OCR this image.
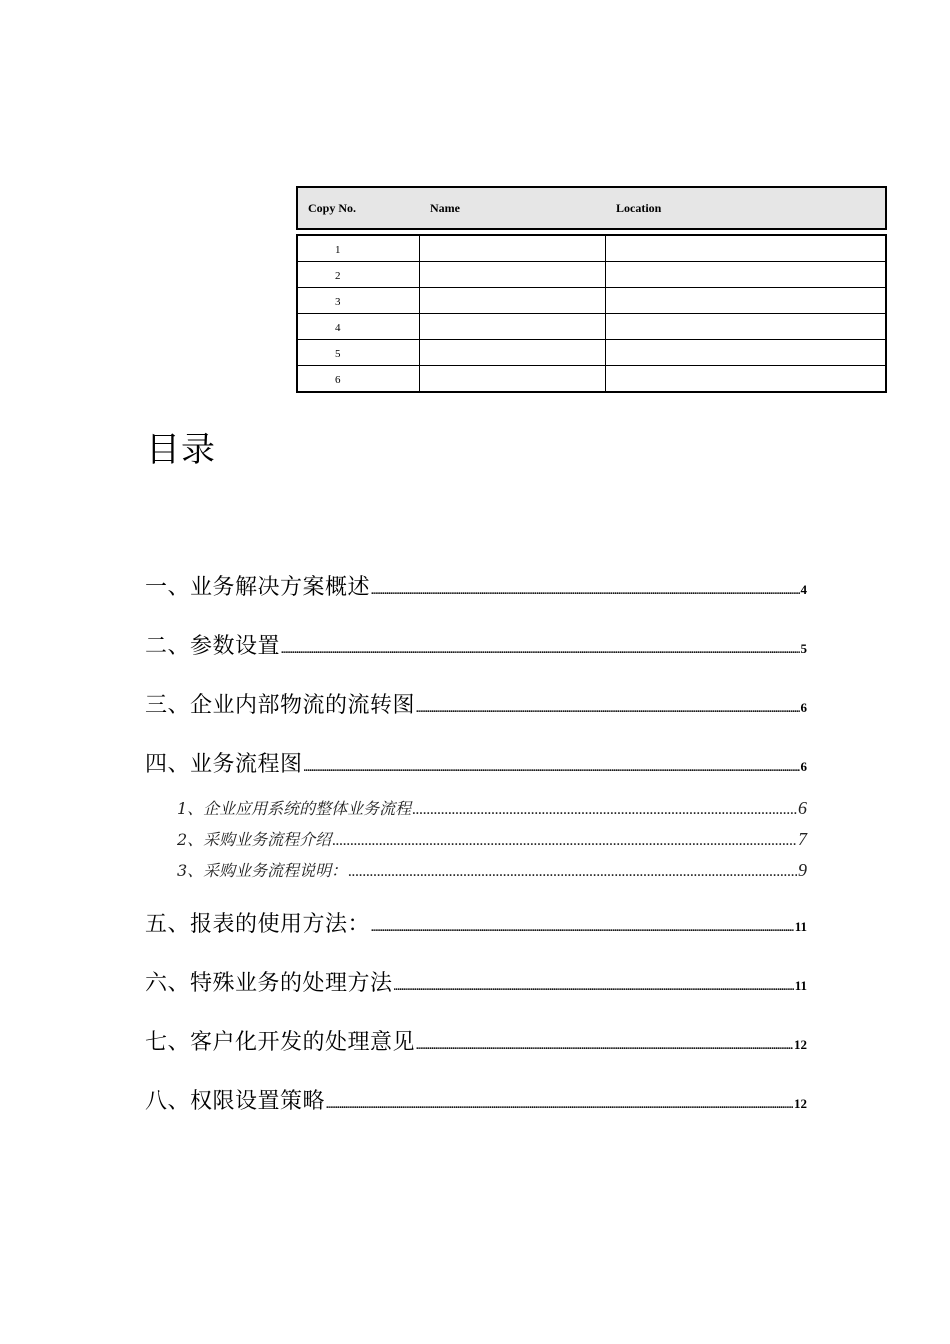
Copy No.	Name	Location
1
2
3
4
5
6
目录
一、业务解决方案概述 .....	4
二、参数设置 .....	5
三、企业内部物流的流转图 .....	6
四、业务流程图 .....	6
1、企业应用系统的整体业务流程 .....	6
2、采购业务流程介绍 .....	7
3、采购业务流程说明： .....	9
五、报表的使用方法： .....	11
六、特殊业务的处理方法 .....	11
七、客户化开发的处理意见 .....	12
八、权限设置策略 .....	12
